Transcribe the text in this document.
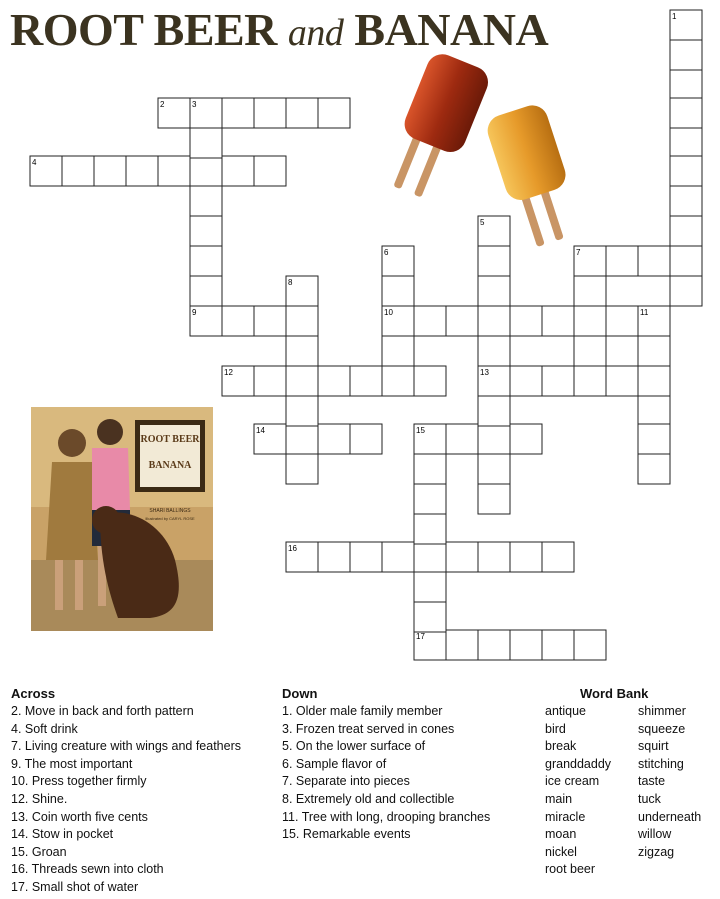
ROOT BEER and BANANA	1
2	3
4
5
6	7
8
9	10	11
12	13
14	15
16
17
ROOT BEER
BANANA
SHARI BALLINGS
Illustrated by CARYL ROSE
Across
2. Move in back and forth pattern
4. Soft drink
7. Living creature with wings and feathers
9. The most important
10. Press together firmly
12. Shine.
13. Coin worth five cents
14. Stow in pocket
15. Groan
16. Threads sewn into cloth
17. Small shot of water
Down
1. Older male family member
3. Frozen treat served in cones
5. On the lower surface of
6. Sample flavor of
7. Separate into pieces
8. Extremely old and collectible
11. Tree with long, drooping branches
15. Remarkable events
Word Bank
antique
bird
break
granddaddy
ice cream
main
miracle
moan
nickel
root beer
shimmer
squeeze
squirt
stitching
taste
tuck
underneath
willow
zigzag
